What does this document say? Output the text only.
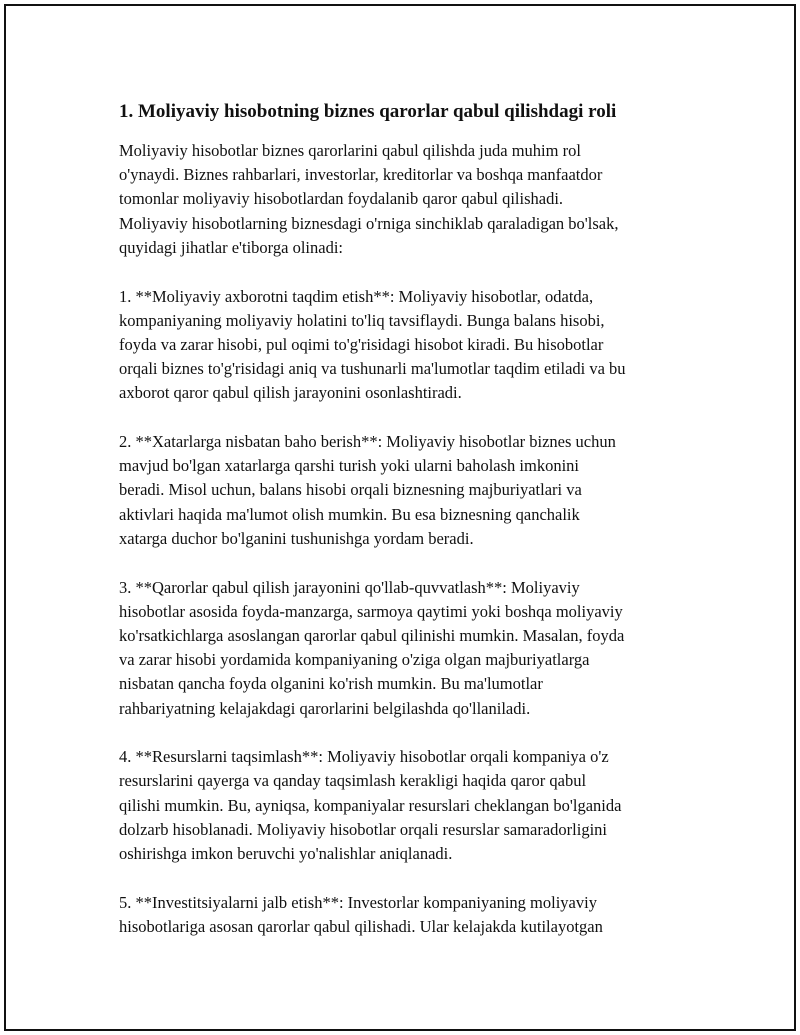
1. Moliyaviy hisobotning biznes qarorlar qabul qilishdagi roli

Moliyaviy hisobotlar biznes qarorlarini qabul qilishda juda muhim rol
o'ynaydi. Biznes rahbarlari, investorlar, kreditorlar va boshqa manfaatdor
tomonlar moliyaviy hisobotlardan foydalanib qaror qabul qilishadi.
Moliyaviy hisobotlarning biznesdagi o'rniga sinchiklab qaraladigan bo'lsak,
quyidagi jihatlar e'tiborga olinadi:

1. **Moliyaviy axborotni taqdim etish**: Moliyaviy hisobotlar, odatda,
kompaniyaning moliyaviy holatini to'liq tavsiflaydi. Bunga balans hisobi,
foyda va zarar hisobi, pul oqimi to'g'risidagi hisobot kiradi. Bu hisobotlar
orqali biznes to'g'risidagi aniq va tushunarli ma'lumotlar taqdim etiladi va bu
axborot qaror qabul qilish jarayonini osonlashtiradi.

2. **Xatarlarga nisbatan baho berish**: Moliyaviy hisobotlar biznes uchun
mavjud bo'lgan xatarlarga qarshi turish yoki ularni baholash imkonini
beradi. Misol uchun, balans hisobi orqali biznesning majburiyatlari va
aktivlari haqida ma'lumot olish mumkin. Bu esa biznesning qanchalik
xatarga duchor bo'lganini tushunishga yordam beradi.

3. **Qarorlar qabul qilish jarayonini qo'llab-quvvatlash**: Moliyaviy
hisobotlar asosida foyda-manzarga, sarmoya qaytimi yoki boshqa moliyaviy
ko'rsatkichlarga asoslangan qarorlar qabul qilinishi mumkin. Masalan, foyda
va zarar hisobi yordamida kompaniyaning o'ziga olgan majburiyatlarga
nisbatan qancha foyda olganini ko'rish mumkin. Bu ma'lumotlar
rahbariyatning kelajakdagi qarorlarini belgilashda qo'llaniladi.

4. **Resurslarni taqsimlash**: Moliyaviy hisobotlar orqali kompaniya o'z
resurslarini qayerga va qanday taqsimlash kerakligi haqida qaror qabul
qilishi mumkin. Bu, ayniqsa, kompaniyalar resurslari cheklangan bo'lganida
dolzarb hisoblanadi. Moliyaviy hisobotlar orqali resurslar samaradorligini
oshirishga imkon beruvchi yo'nalishlar aniqlanadi.

5. **Investitsiyalarni jalb etish**: Investorlar kompaniyaning moliyaviy
hisobotlariga asosan qarorlar qabul qilishadi. Ular kelajakda kutilayotgan
